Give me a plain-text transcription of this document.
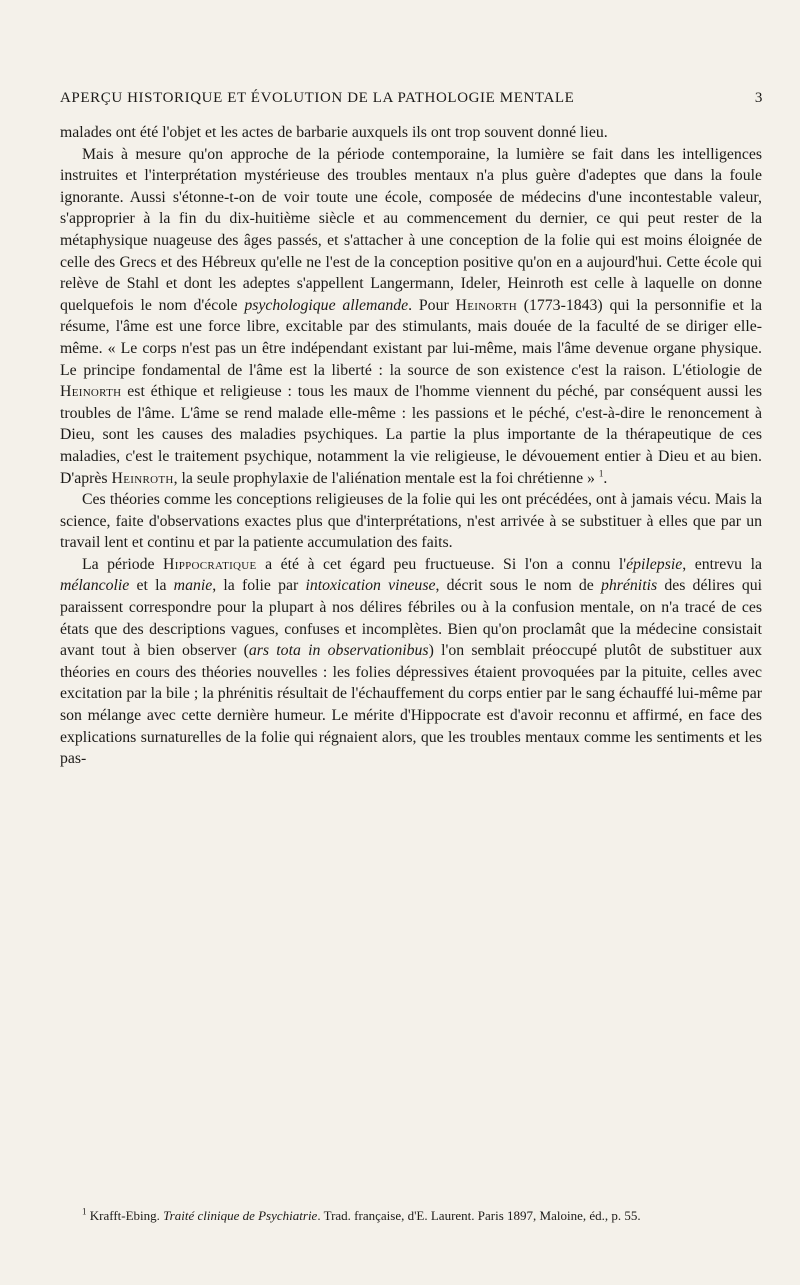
APERÇU HISTORIQUE ET ÉVOLUTION DE LA PATHOLOGIE MENTALE	3

malades ont été l'objet et les actes de barbarie auxquels ils ont trop souvent donné lieu.

Mais à mesure qu'on approche de la période contemporaine, la lumière se fait dans les intelligences instruites et l'interprétation mystérieuse des troubles mentaux n'a plus guère d'adeptes que dans la foule ignorante. Aussi s'étonne-t-on de voir toute une école, composée de médecins d'une incontestable valeur, s'approprier à la fin du dix-huitième siècle et au commencement du dernier, ce qui peut rester de la métaphysique nuageuse des âges passés, et s'attacher à une conception de la folie qui est moins éloignée de celle des Grecs et des Hébreux qu'elle ne l'est de la conception positive qu'on en a aujourd'hui. Cette école qui relève de Stahl et dont les adeptes s'appellent Langermann, Ideler, Heinroth est celle à laquelle on donne quelquefois le nom d'école psychologique allemande. Pour Heinorth (1773-1843) qui la personnifie et la résume, l'âme est une force libre, excitable par des stimulants, mais douée de la faculté de se diriger elle-même. « Le corps n'est pas un être indépendant existant par lui-même, mais l'âme devenue organe physique. Le principe fondamental de l'âme est la liberté : la source de son existence c'est la raison. L'étiologie de Heinorth est éthique et religieuse : tous les maux de l'homme viennent du péché, par conséquent aussi les troubles de l'âme. L'âme se rend malade elle-même : les passions et le péché, c'est-à-dire le renoncement à Dieu, sont les causes des maladies psychiques. La partie la plus importante de la thérapeutique de ces maladies, c'est le traitement psychique, notamment la vie religieuse, le dévouement entier à Dieu et au bien. D'après Heinroth, la seule prophylaxie de l'aliénation mentale est la foi chrétienne » $^1$.

Ces théories comme les conceptions religieuses de la folie qui les ont précédées, ont à jamais vécu. Mais la science, faite d'observations exactes plus que d'interprétations, n'est arrivée à se substituer à elles que par un travail lent et continu et par la patiente accumulation des faits.

La période Hippocratique a été à cet égard peu fructueuse. Si l'on a connu l'épilepsie, entrevu la mélancolie et la manie, la folie par intoxication vineuse, décrit sous le nom de phrénitis des délires qui paraissent correspondre pour la plupart à nos délires fébriles ou à la confusion mentale, on n'a tracé de ces états que des descriptions vagues, confuses et incomplètes. Bien qu'on proclamât que la médecine consistait avant tout à bien observer (ars tota in observationibus) l'on semblait préoccupé plutôt de substituer aux théories en cours des théories nouvelles : les folies dépressives étaient provoquées par la pituite, celles avec excitation par la bile ; la phrénitis résultait de l'échauffement du corps entier par le sang échauffé lui-même par son mélange avec cette dernière humeur. Le mérite d'Hippocrate est d'avoir reconnu et affirmé, en face des explications surnaturelles de la folie qui régnaient alors, que les troubles mentaux comme les sentiments et les pas-

$^1$ Krafft-Ebing. Traité clinique de Psychiatrie. Trad. française, d'E. Laurent. Paris 1897, Maloine, éd., p. 55.
